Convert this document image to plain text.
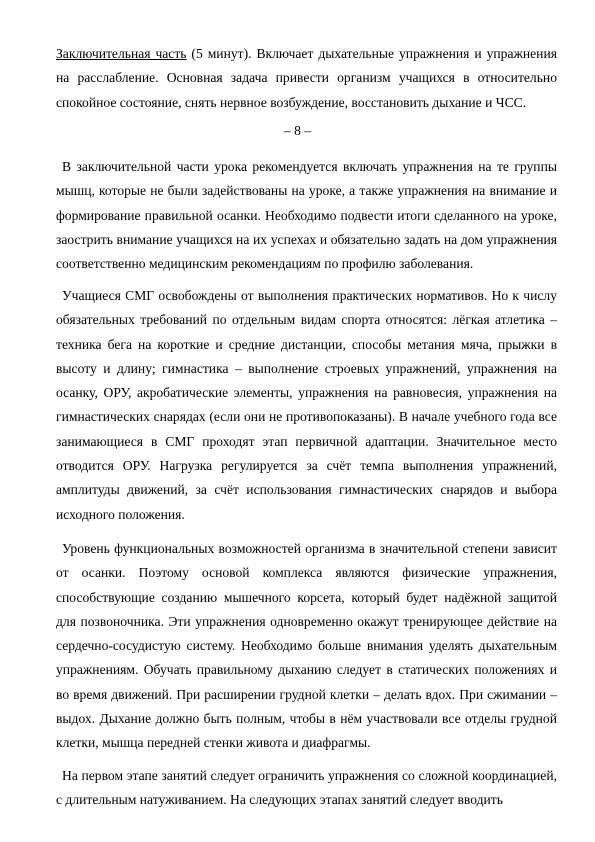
Заключительная часть (5 минут). Включает дыхательные упражнения и упражнения на расслабление. Основная задача привести организм учащихся в относительно спокойное состояние, снять нервное возбуждение, восстановить дыхание и ЧСС.

– 8 –

В заключительной части урока рекомендуется включать упражнения на те группы мышц, которые не были задействованы на уроке, а также упражнения на внимание и формирование правильной осанки. Необходимо подвести итоги сделанного на уроке, заострить внимание учащихся на их успехах и обязательно задать на дом упражнения соответственно медицинским рекомендациям по профилю заболевания.

Учащиеся СМГ освобождены от выполнения практических нормативов. Но к числу обязательных требований по отдельным видам спорта относятся: лёгкая атлетика – техника бега на короткие и средние дистанции, способы метания мяча, прыжки в высоту и длину; гимнастика – выполнение строевых упражнений, упражнения на осанку, ОРУ, акробатические элементы, упражнения на равновесия, упражнения на гимнастических снарядах (если они не противопоказаны). В начале учебного года все занимающиеся в СМГ проходят этап первичной адаптации. Значительное место отводится ОРУ. Нагрузка регулируется за счёт темпа выполнения упражнений, амплитуды движений, за счёт использования гимнастических снарядов и выбора исходного положения.

Уровень функциональных возможностей организма в значительной степени зависит от осанки. Поэтому основой комплекса являются физические упражнения, способствующие созданию мышечного корсета, который будет надёжной защитой для позвоночника. Эти упражнения одновременно окажут тренирующее действие на сердечно-сосудистую систему. Необходимо больше внимания уделять дыхательным упражнениям. Обучать правильному дыханию следует в статических положениях и во время движений. При расширении грудной клетки – делать вдох. При сжимании – выдох. Дыхание должно быть полным, чтобы в нём участвовали все отделы грудной клетки, мышца передней стенки живота и диафрагмы.

На первом этапе занятий следует ограничить упражнения со сложной координацией, с длительным натуживанием. На следующих этапах занятий следует вводить
